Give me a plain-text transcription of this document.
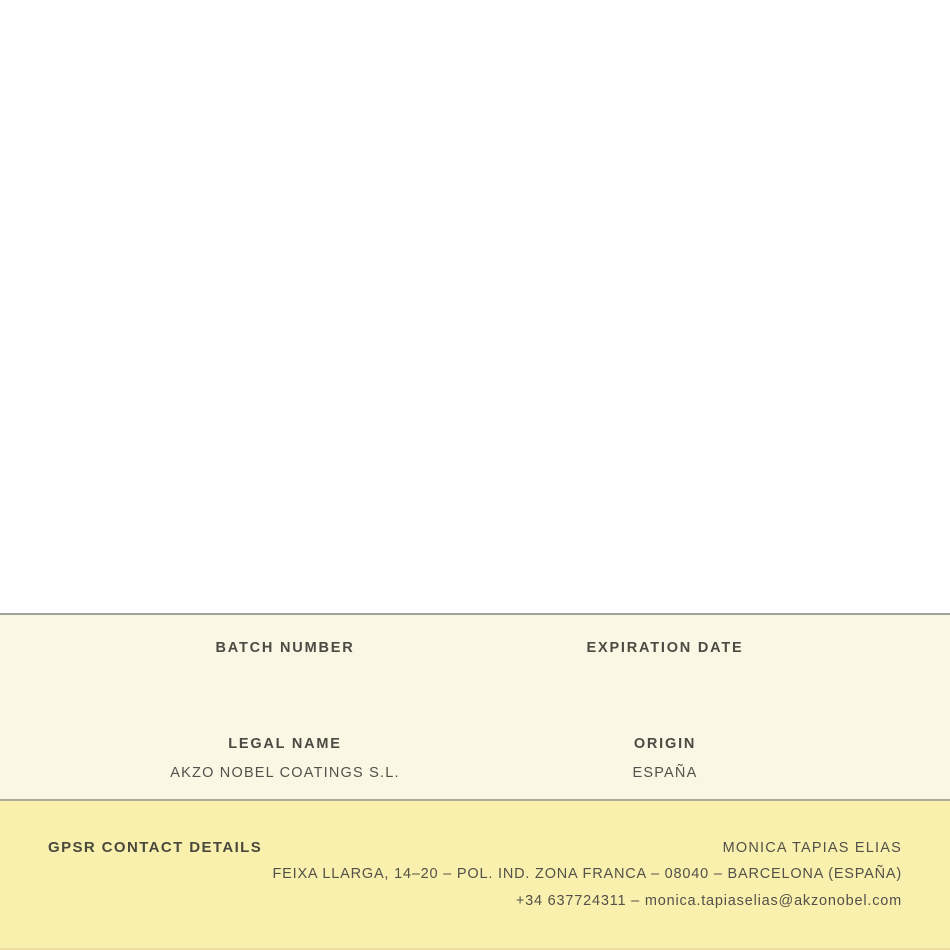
BATCH NUMBER	EXPIRATION DATE
LEGAL NAME
AKZO NOBEL COATINGS S.L.
ORIGIN
ESPAÑA
GPSR CONTACT DETAILS	MONICA TAPIAS ELIAS
FEIXA LLARGA, 14–20 – POL. IND. ZONA FRANCA – 08040 – BARCELONA (ESPAÑA)
+34 637724311 – monica.tapiaselias@akzonobel.com
